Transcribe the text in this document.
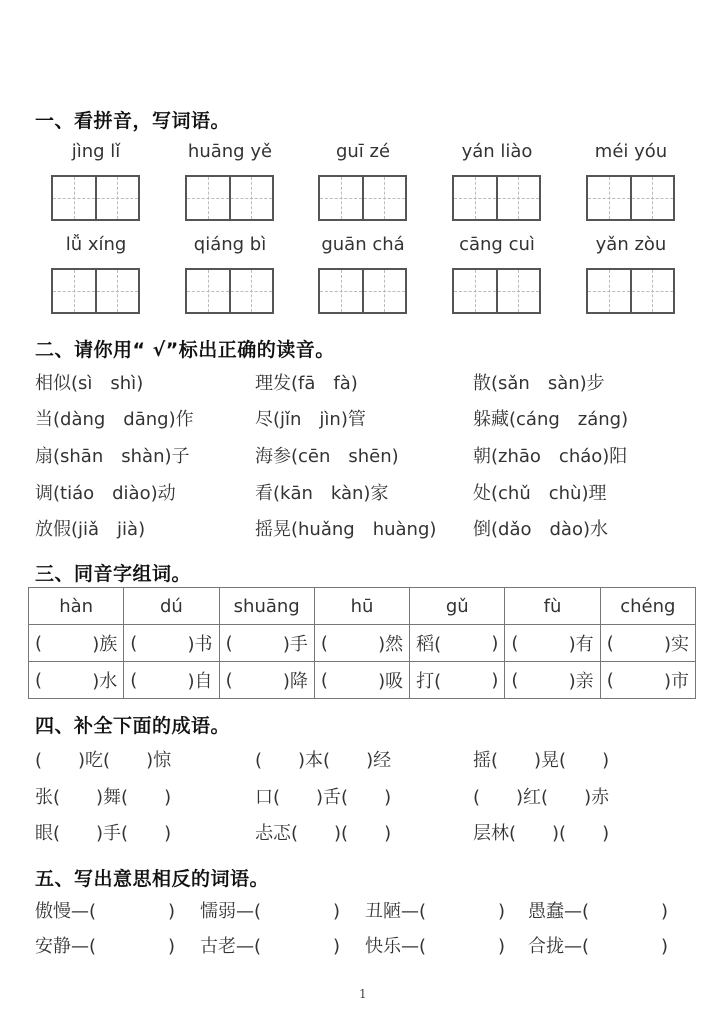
一、看拼音，写词语。
jìng lǐ	huāng yě	guī zé	yán liào	méi yóu
lǚ xíng	qiáng bì	guān chá	cāng cuì	yǎn zòu
二、请你用“ √”标出正确的读音。
相似(sì　shì)	理发(fā　fà)	散(sǎn　sàn)步
当(dàng　dāng)作	尽(jǐn　jìn)管	躲藏(cáng　záng)
扇(shān　shàn)子	海参(cēn　shēn)	朝(zhāo　cháo)阳
调(tiáo　diào)动	看(kān　kàn)家	处(chǔ　chù)理
放假(jiǎ　jià)	摇晃(huǎng　huàng) 倒(dǎo　dào)水
三、同音字组词。
hàn	dú	shuāng	hū	gǔ	fù	chéng

( )族	( )书	( )手	( )然	稻( )	( )有	( )实

( )水	( )自	( )降	( )吸	打( )	( )亲	( )市
四、补全下面的成语。
(　　)吃(　　)惊	(　　)本(　　)经	摇(　　)晃(　　)
张(　　)舞(　　)	口(　　)舌(　　)	(　　)红(　　)赤
眼(　　)手(　　)	忐忑(　　)(　　)	层林(　　)(　　)
五、写出意思相反的词语。
傲慢—(　　　　) 懦弱—(　　　　) 丑陋—(　　　　) 愚蠢—(　　　　)
安静—(　　　　) 古老—(　　　　) 快乐—(　　　　) 合拢—(　　　　)
1
